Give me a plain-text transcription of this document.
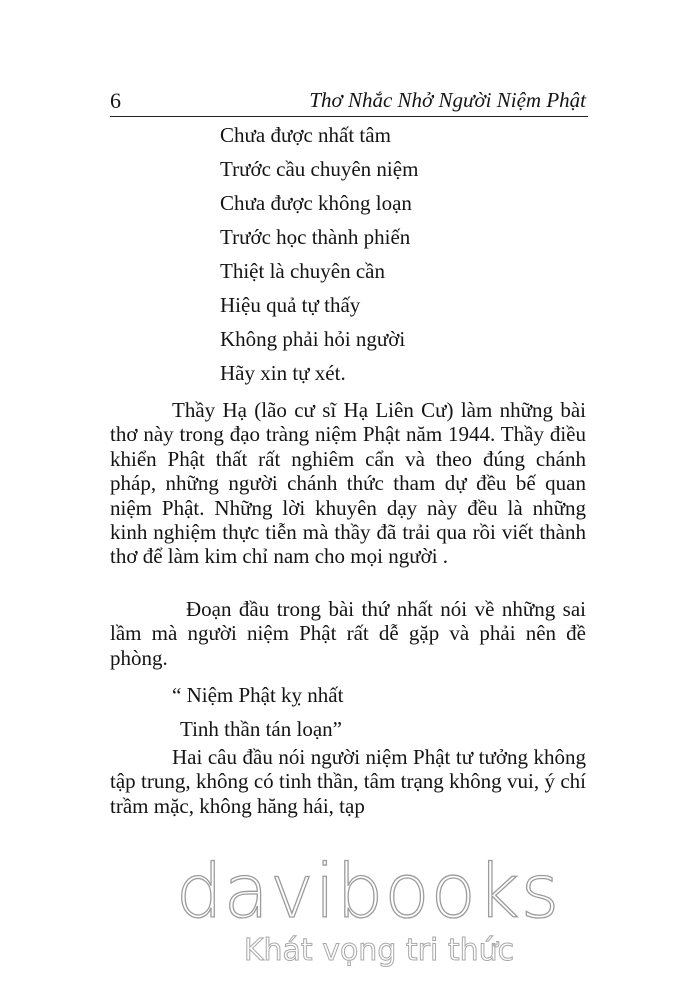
6	Thơ Nhắc Nhở Người Niệm Phật
Chưa được nhất tâm
Trước cầu chuyên niệm
Chưa được không loạn
Trước học thành phiến
Thiệt là chuyên cần
Hiệu quả tự thấy
Không phải hỏi người
Hãy xin tự xét.

Thầy Hạ (lão cư sĩ Hạ Liên Cư) làm những bài thơ này trong đạo tràng niệm Phật năm 1944. Thầy điều khiển Phật thất rất nghiêm cẩn và theo đúng chánh pháp, những người chánh thức tham dự đều bế quan niệm Phật. Những lời khuyên dạy này đều là những kinh nghiệm thực tiễn mà thầy đã trải qua rồi viết thành thơ để làm kim chỉ nam cho mọi người .

Đoạn đầu trong bài thứ nhất nói về những sai lầm mà người niệm Phật rất dễ gặp và phải nên đề phòng.

“ Niệm Phật kỵ nhất
Tinh thần tán loạn”

Hai câu đầu nói người niệm Phật tư tưởng không tập trung, không có tinh thần, tâm trạng không vui, ý chí trầm mặc, không hăng hái, tạp

davibooks
Khát vọng tri thức
